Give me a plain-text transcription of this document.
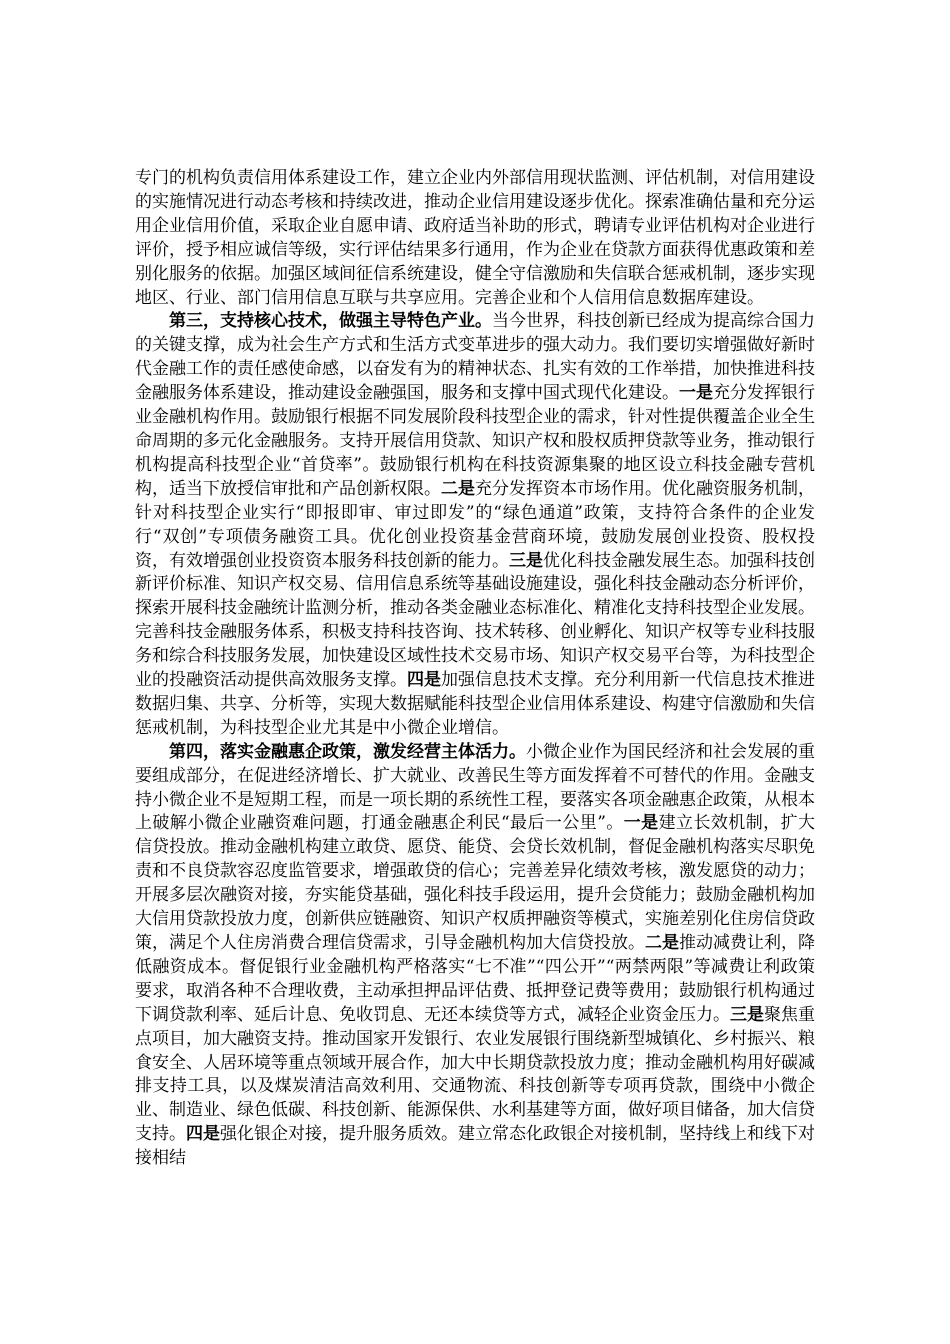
专门的机构负责信用体系建设工作，建立企业内外部信用现状监测、评估机制，对信用建设的实施情况进行动态考核和持续改进，推动企业信用建设逐步优化。探索准确估量和充分运用企业信用价值，采取企业自愿申请、政府适当补助的形式，聘请专业评估机构对企业进行评价，授予相应诚信等级，实行评估结果多行通用，作为企业在贷款方面获得优惠政策和差别化服务的依据。加强区域间征信系统建设，健全守信激励和失信联合惩戒机制，逐步实现地区、行业、部门信用信息互联与共享应用。完善企业和个人信用信息数据库建设。

第三，支持核心技术，做强主导特色产业。当今世界，科技创新已经成为提高综合国力的关键支撑，成为社会生产方式和生活方式变革进步的强大动力。我们要切实增强做好新时代金融工作的责任感使命感，以奋发有为的精神状态、扎实有效的工作举措，加快推进科技金融服务体系建设，推动建设金融强国，服务和支撑中国式现代化建设。一是充分发挥银行业金融机构作用。鼓励银行根据不同发展阶段科技型企业的需求，针对性提供覆盖企业全生命周期的多元化金融服务。支持开展信用贷款、知识产权和股权质押贷款等业务，推动银行机构提高科技型企业“首贷率”。鼓励银行机构在科技资源集聚的地区设立科技金融专营机构，适当下放授信审批和产品创新权限。二是充分发挥资本市场作用。优化融资服务机制，针对科技型企业实行“即报即审、审过即发”的“绿色通道”政策，支持符合条件的企业发行“双创”专项债务融资工具。优化创业投资基金营商环境，鼓励发展创业投资、股权投资，有效增强创业投资资本服务科技创新的能力。三是优化科技金融发展生态。加强科技创新评价标准、知识产权交易、信用信息系统等基础设施建设，强化科技金融动态分析评价，探索开展科技金融统计监测分析，推动各类金融业态标准化、精准化支持科技型企业发展。完善科技金融服务体系，积极支持科技咨询、技术转移、创业孵化、知识产权等专业科技服务和综合科技服务发展，加快建设区域性技术交易市场、知识产权交易平台等，为科技型企业的投融资活动提供高效服务支撑。四是加强信息技术支撑。充分利用新一代信息技术推进数据归集、共享、分析等，实现大数据赋能科技型企业信用体系建设、构建守信激励和失信惩戒机制，为科技型企业尤其是中小微企业增信。

第四，落实金融惠企政策，激发经营主体活力。小微企业作为国民经济和社会发展的重要组成部分，在促进经济增长、扩大就业、改善民生等方面发挥着不可替代的作用。金融支持小微企业不是短期工程，而是一项长期的系统性工程，要落实各项金融惠企政策，从根本上破解小微企业融资难问题，打通金融惠企利民“最后一公里”。一是建立长效机制，扩大信贷投放。推动金融机构建立敢贷、愿贷、能贷、会贷长效机制，督促金融机构落实尽职免责和不良贷款容忍度监管要求，增强敢贷的信心；完善差异化绩效考核，激发愿贷的动力；开展多层次融资对接，夯实能贷基础，强化科技手段运用，提升会贷能力；鼓励金融机构加大信用贷款投放力度，创新供应链融资、知识产权质押融资等模式，实施差别化住房信贷政策，满足个人住房消费合理信贷需求，引导金融机构加大信贷投放。二是推动减费让利，降低融资成本。督促银行业金融机构严格落实“七不准”“四公开”“两禁两限”等减费让利政策要求，取消各种不合理收费，主动承担押品评估费、抵押登记费等费用；鼓励银行机构通过下调贷款利率、延后计息、免收罚息、无还本续贷等方式，减轻企业资金压力。三是聚焦重点项目，加大融资支持。推动国家开发银行、农业发展银行围绕新型城镇化、乡村振兴、粮食安全、人居环境等重点领域开展合作，加大中长期贷款投放力度；推动金融机构用好碳减排支持工具，以及煤炭清洁高效利用、交通物流、科技创新等专项再贷款，围绕中小微企业、制造业、绿色低碳、科技创新、能源保供、水利基建等方面，做好项目储备，加大信贷支持。四是强化银企对接，提升服务质效。建立常态化政银企对接机制，坚持线上和线下对接相结
